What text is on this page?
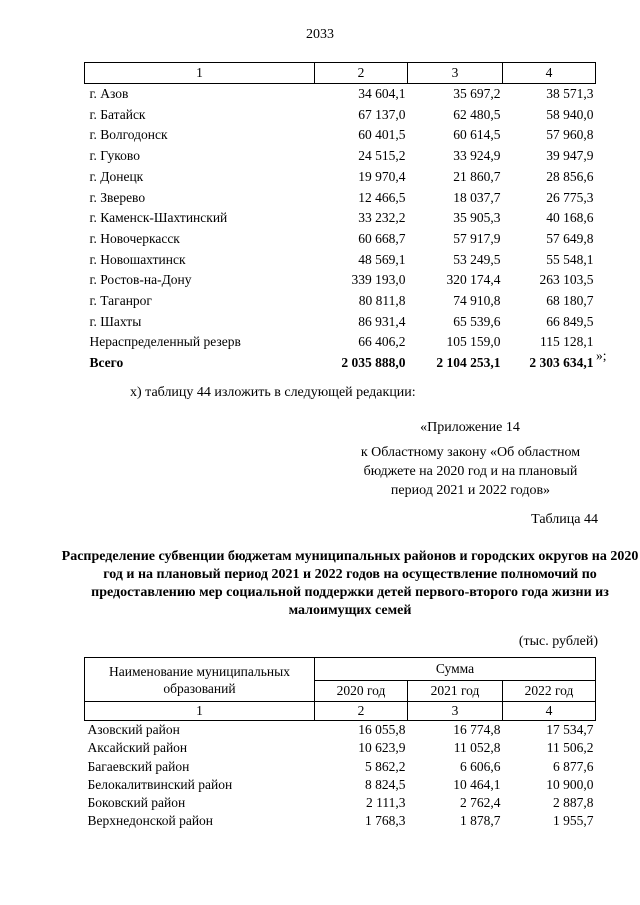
2033
1	2	3	4
г. Азов	34 604,1	35 697,2	38 571,3
г. Батайск	67 137,0	62 480,5	58 940,0
г. Волгодонск	60 401,5	60 614,5	57 960,8
г. Гуково	24 515,2	33 924,9	39 947,9
г. Донецк	19 970,4	21 860,7	28 856,6
г. Зверево	12 466,5	18 037,7	26 775,3
г. Каменск-Шахтинский	33 232,2	35 905,3	40 168,6
г. Новочеркасск	60 668,7	57 917,9	57 649,8
г. Новошахтинск	48 569,1	53 249,5	55 548,1
г. Ростов-на-Дону	339 193,0	320 174,4	263 103,5
г. Таганрог	80 811,8	74 910,8	68 180,7
г. Шахты	86 931,4	65 539,6	66 849,5
Нераспределенный резерв	66 406,2	105 159,0	115 128,1
Всего	2 035 888,0	2 104 253,1	2 303 634,1 »;
х) таблицу 44 изложить в следующей редакции:
«Приложение 14
к Областному закону «Об областном бюджете на 2020 год и на плановый период 2021 и 2022 годов»
Таблица 44
Распределение субвенции бюджетам муниципальных районов и городских округов на 2020 год и на плановый период 2021 и 2022 годов на осуществление полномочий по предоставлению мер социальной поддержки детей первого-второго года жизни из малоимущих семей
(тыс. рублей)
Наименование муниципальных образований	Сумма		
	2020 год	2021 год	2022 год
1	2	3	4
Азовский район	16 055,8	16 774,8	17 534,7
Аксайский район	10 623,9	11 052,8	11 506,2
Багаевский район	5 862,2	6 606,6	6 877,6
Белокалитвинский район	8 824,5	10 464,1	10 900,0
Боковский район	2 111,3	2 762,4	2 887,8
Верхнедонской район	1 768,3	1 878,7	1 955,7
